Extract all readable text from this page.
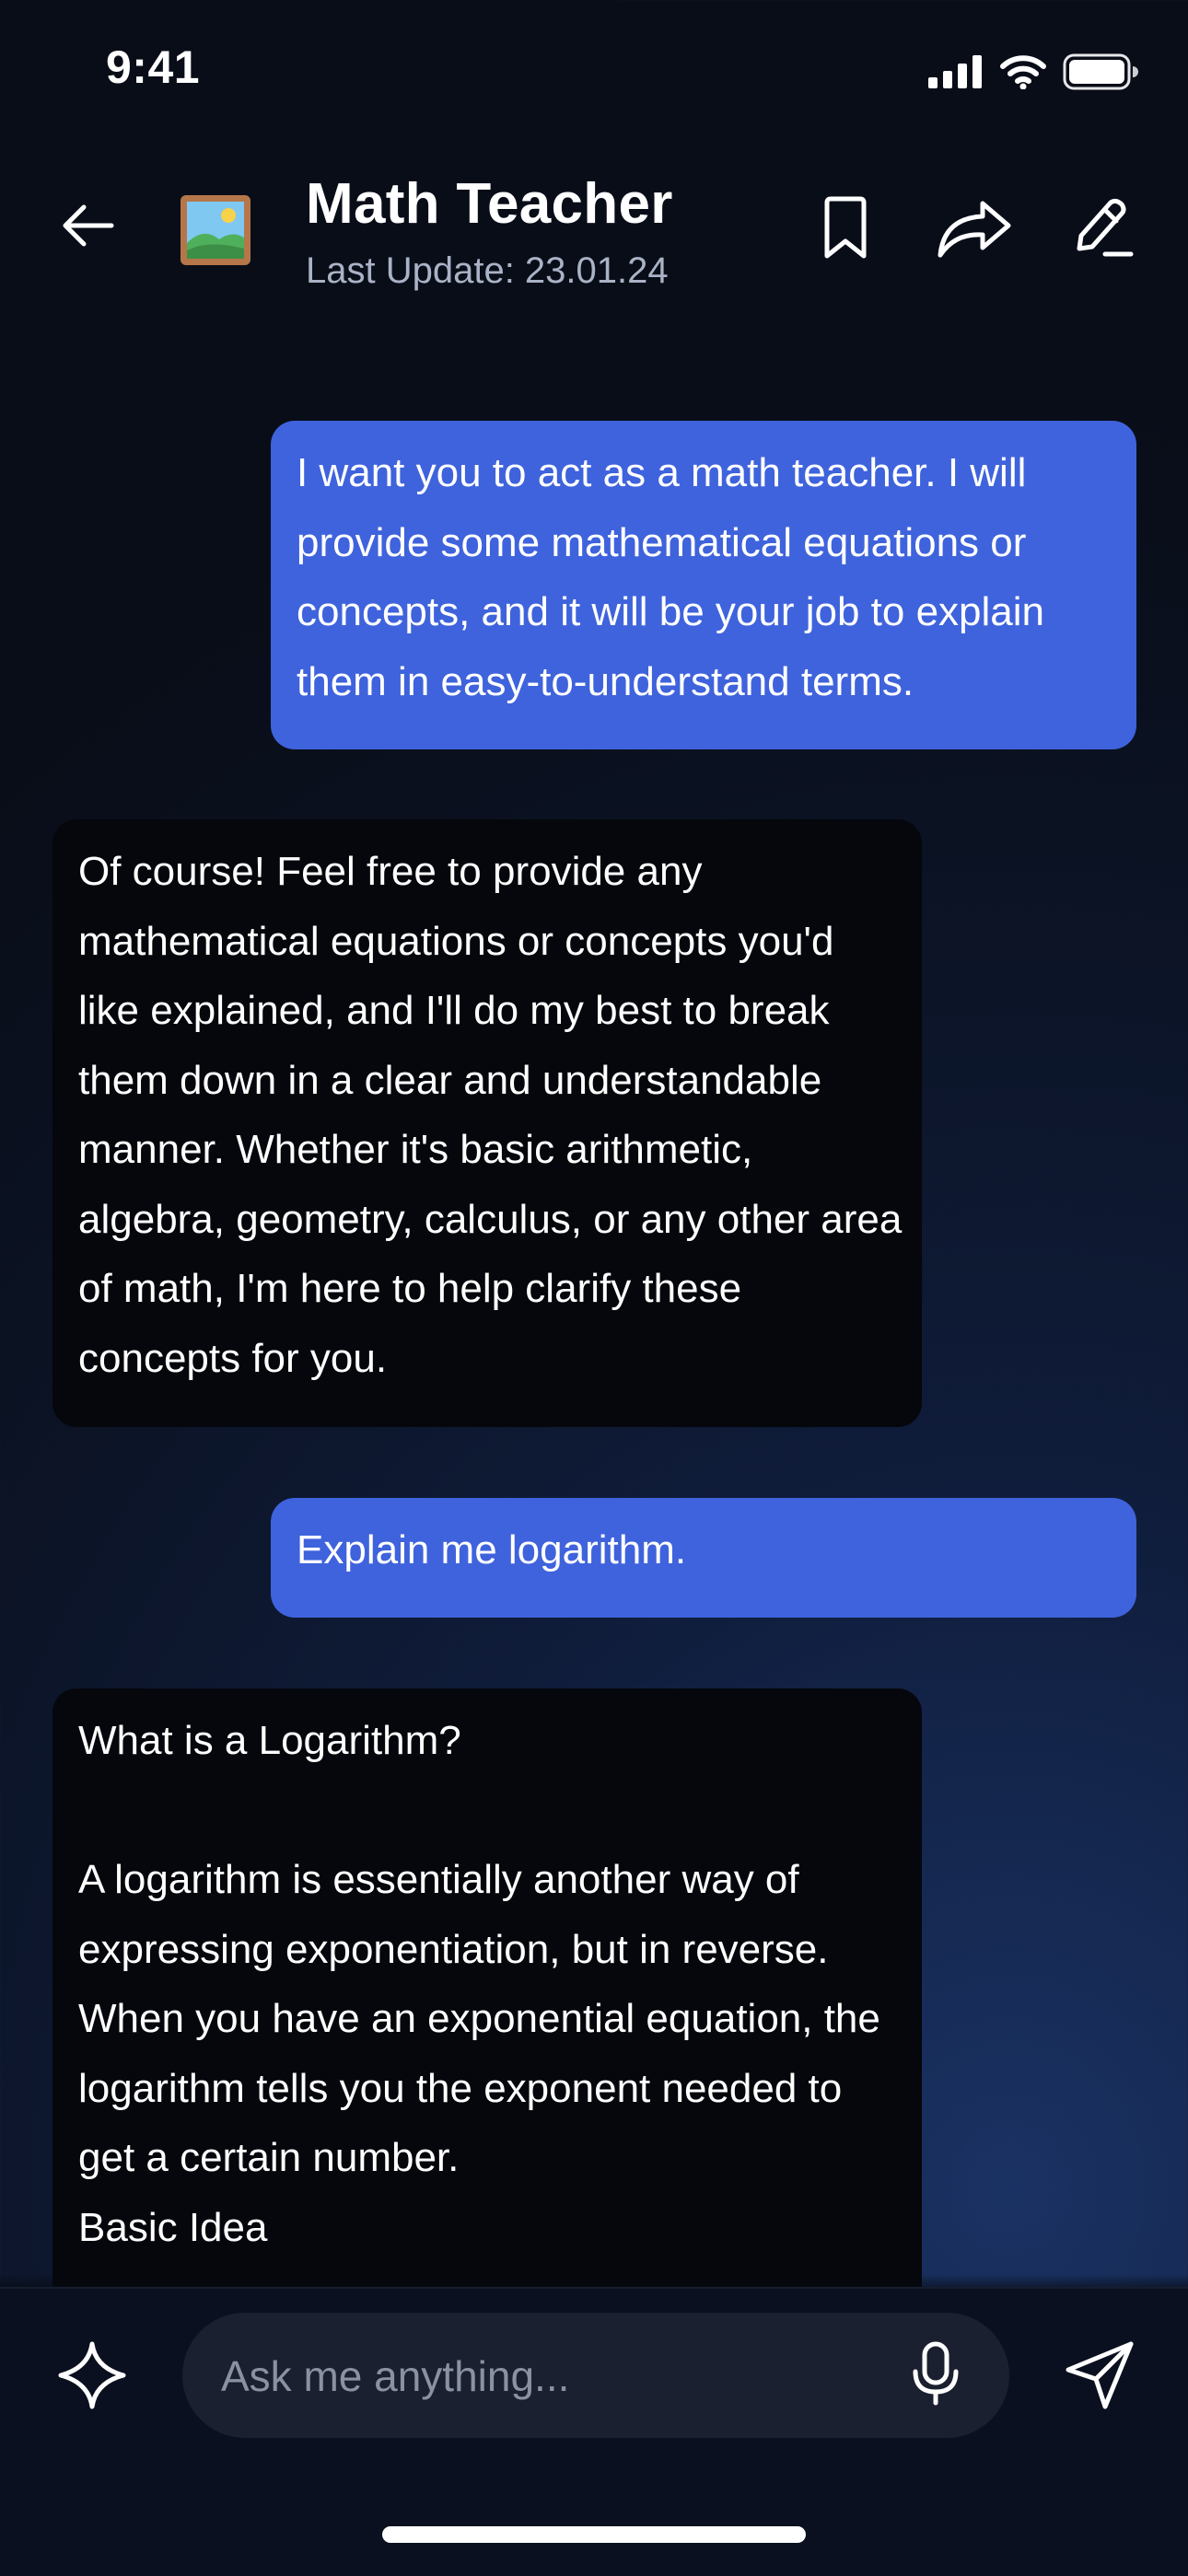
9:41
Math Teacher
Last Update: 23.01.24
I want you to act as a math teacher. I will provide some mathematical equations or concepts, and it will be your job to explain them in easy-to-understand terms.
Of course! Feel free to provide any mathematical equations or concepts you'd like explained, and I'll do my best to break them down in a clear and understandable manner. Whether it's basic arithmetic, algebra, geometry, calculus, or any other area of math, I'm here to help clarify these concepts for you.
Explain me logarithm.
What is a Logarithm?

A logarithm is essentially another way of expressing exponentiation, but in reverse. When you have an exponential equation, the logarithm tells you the exponent needed to get a certain number.
Basic Idea
Ask me anything...
